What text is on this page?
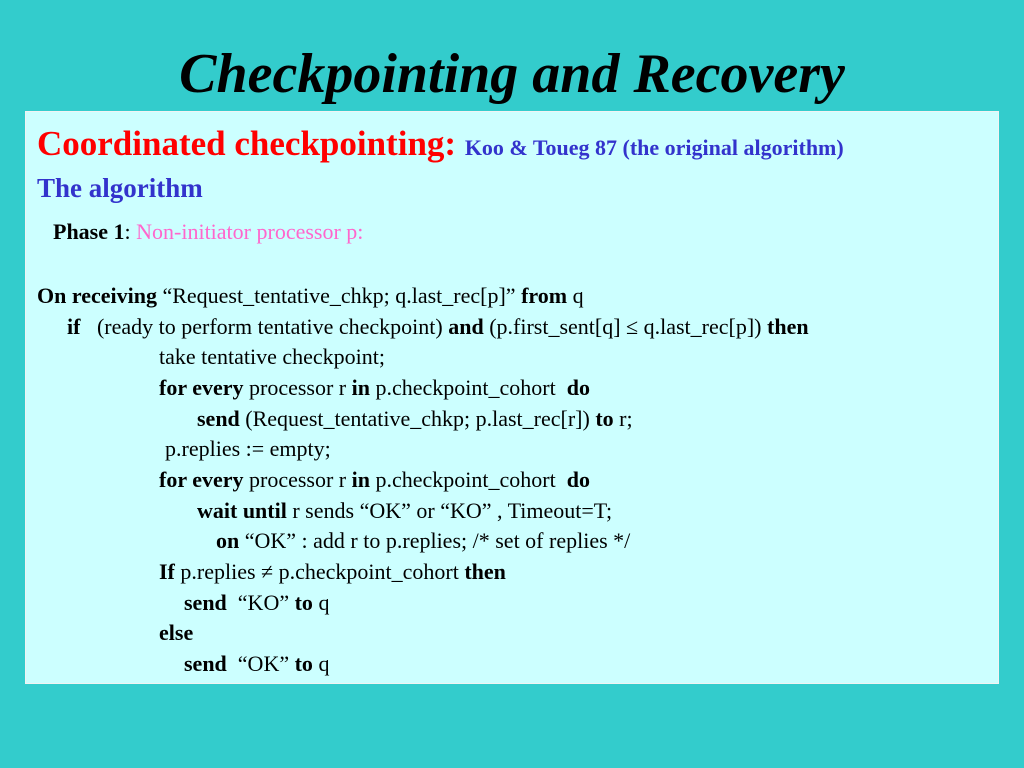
Checkpointing and Recovery
Coordinated checkpointing: Koo & Toueg 87 (the original algorithm)
The algorithm
Phase 1: Non-initiator processor p:
On receiving “Request_tentative_chkp; q.last_rec[p]” from q
if   (ready to perform tentative checkpoint) and (p.first_sent[q] ≤ q.last_rec[p]) then
take tentative checkpoint;
for every processor r in p.checkpoint_cohort  do
send (Request_tentative_chkp; p.last_rec[r]) to r;
p.replies := empty;
for every processor r in p.checkpoint_cohort  do
wait until r sends “OK” or “KO” , Timeout=T;
on “OK” : add r to p.replies; /* set of replies */
If p.replies ≠ p.checkpoint_cohort then
send  “KO” to q
else
send  “OK” to q
